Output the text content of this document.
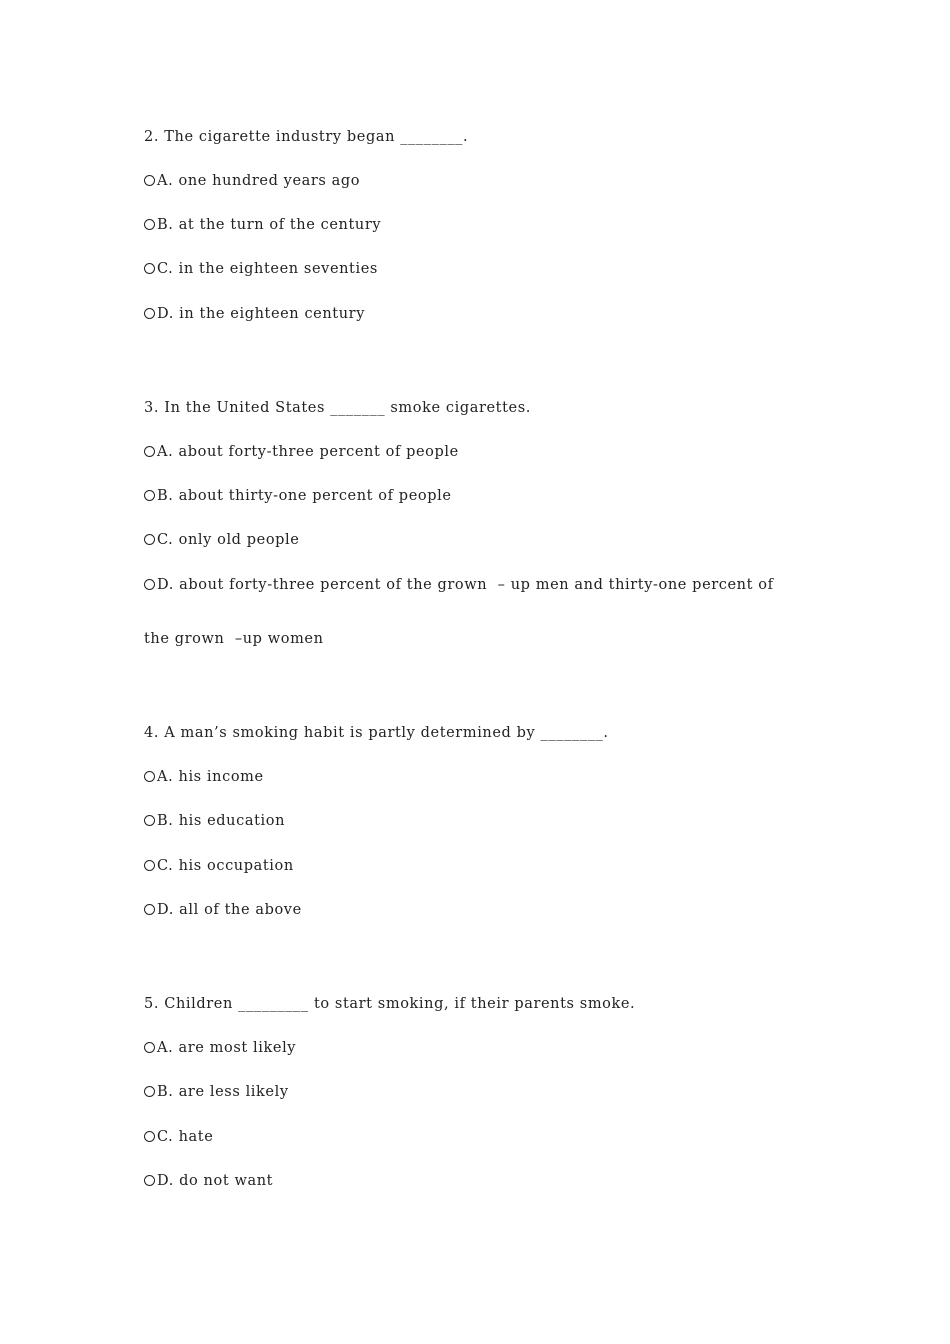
2. The cigarette industry began ________.
A. one hundred years ago
B. at the turn of the century
C. in the eighteen seventies
D. in the eighteen century
3. In the United States _______ smoke cigarettes.
A. about forty-three percent of people
B. about thirty-one percent of people
C. only old people
D. about forty-three percent of the grown  – up men and thirty-one percent of
the grown  –up women
4. A man’s smoking habit is partly determined by ________.
A. his income
B. his education
C. his occupation
D. all of the above
5. Children _________ to start smoking, if their parents smoke.
A. are most likely
B. are less likely
C. hate
D. do not want
